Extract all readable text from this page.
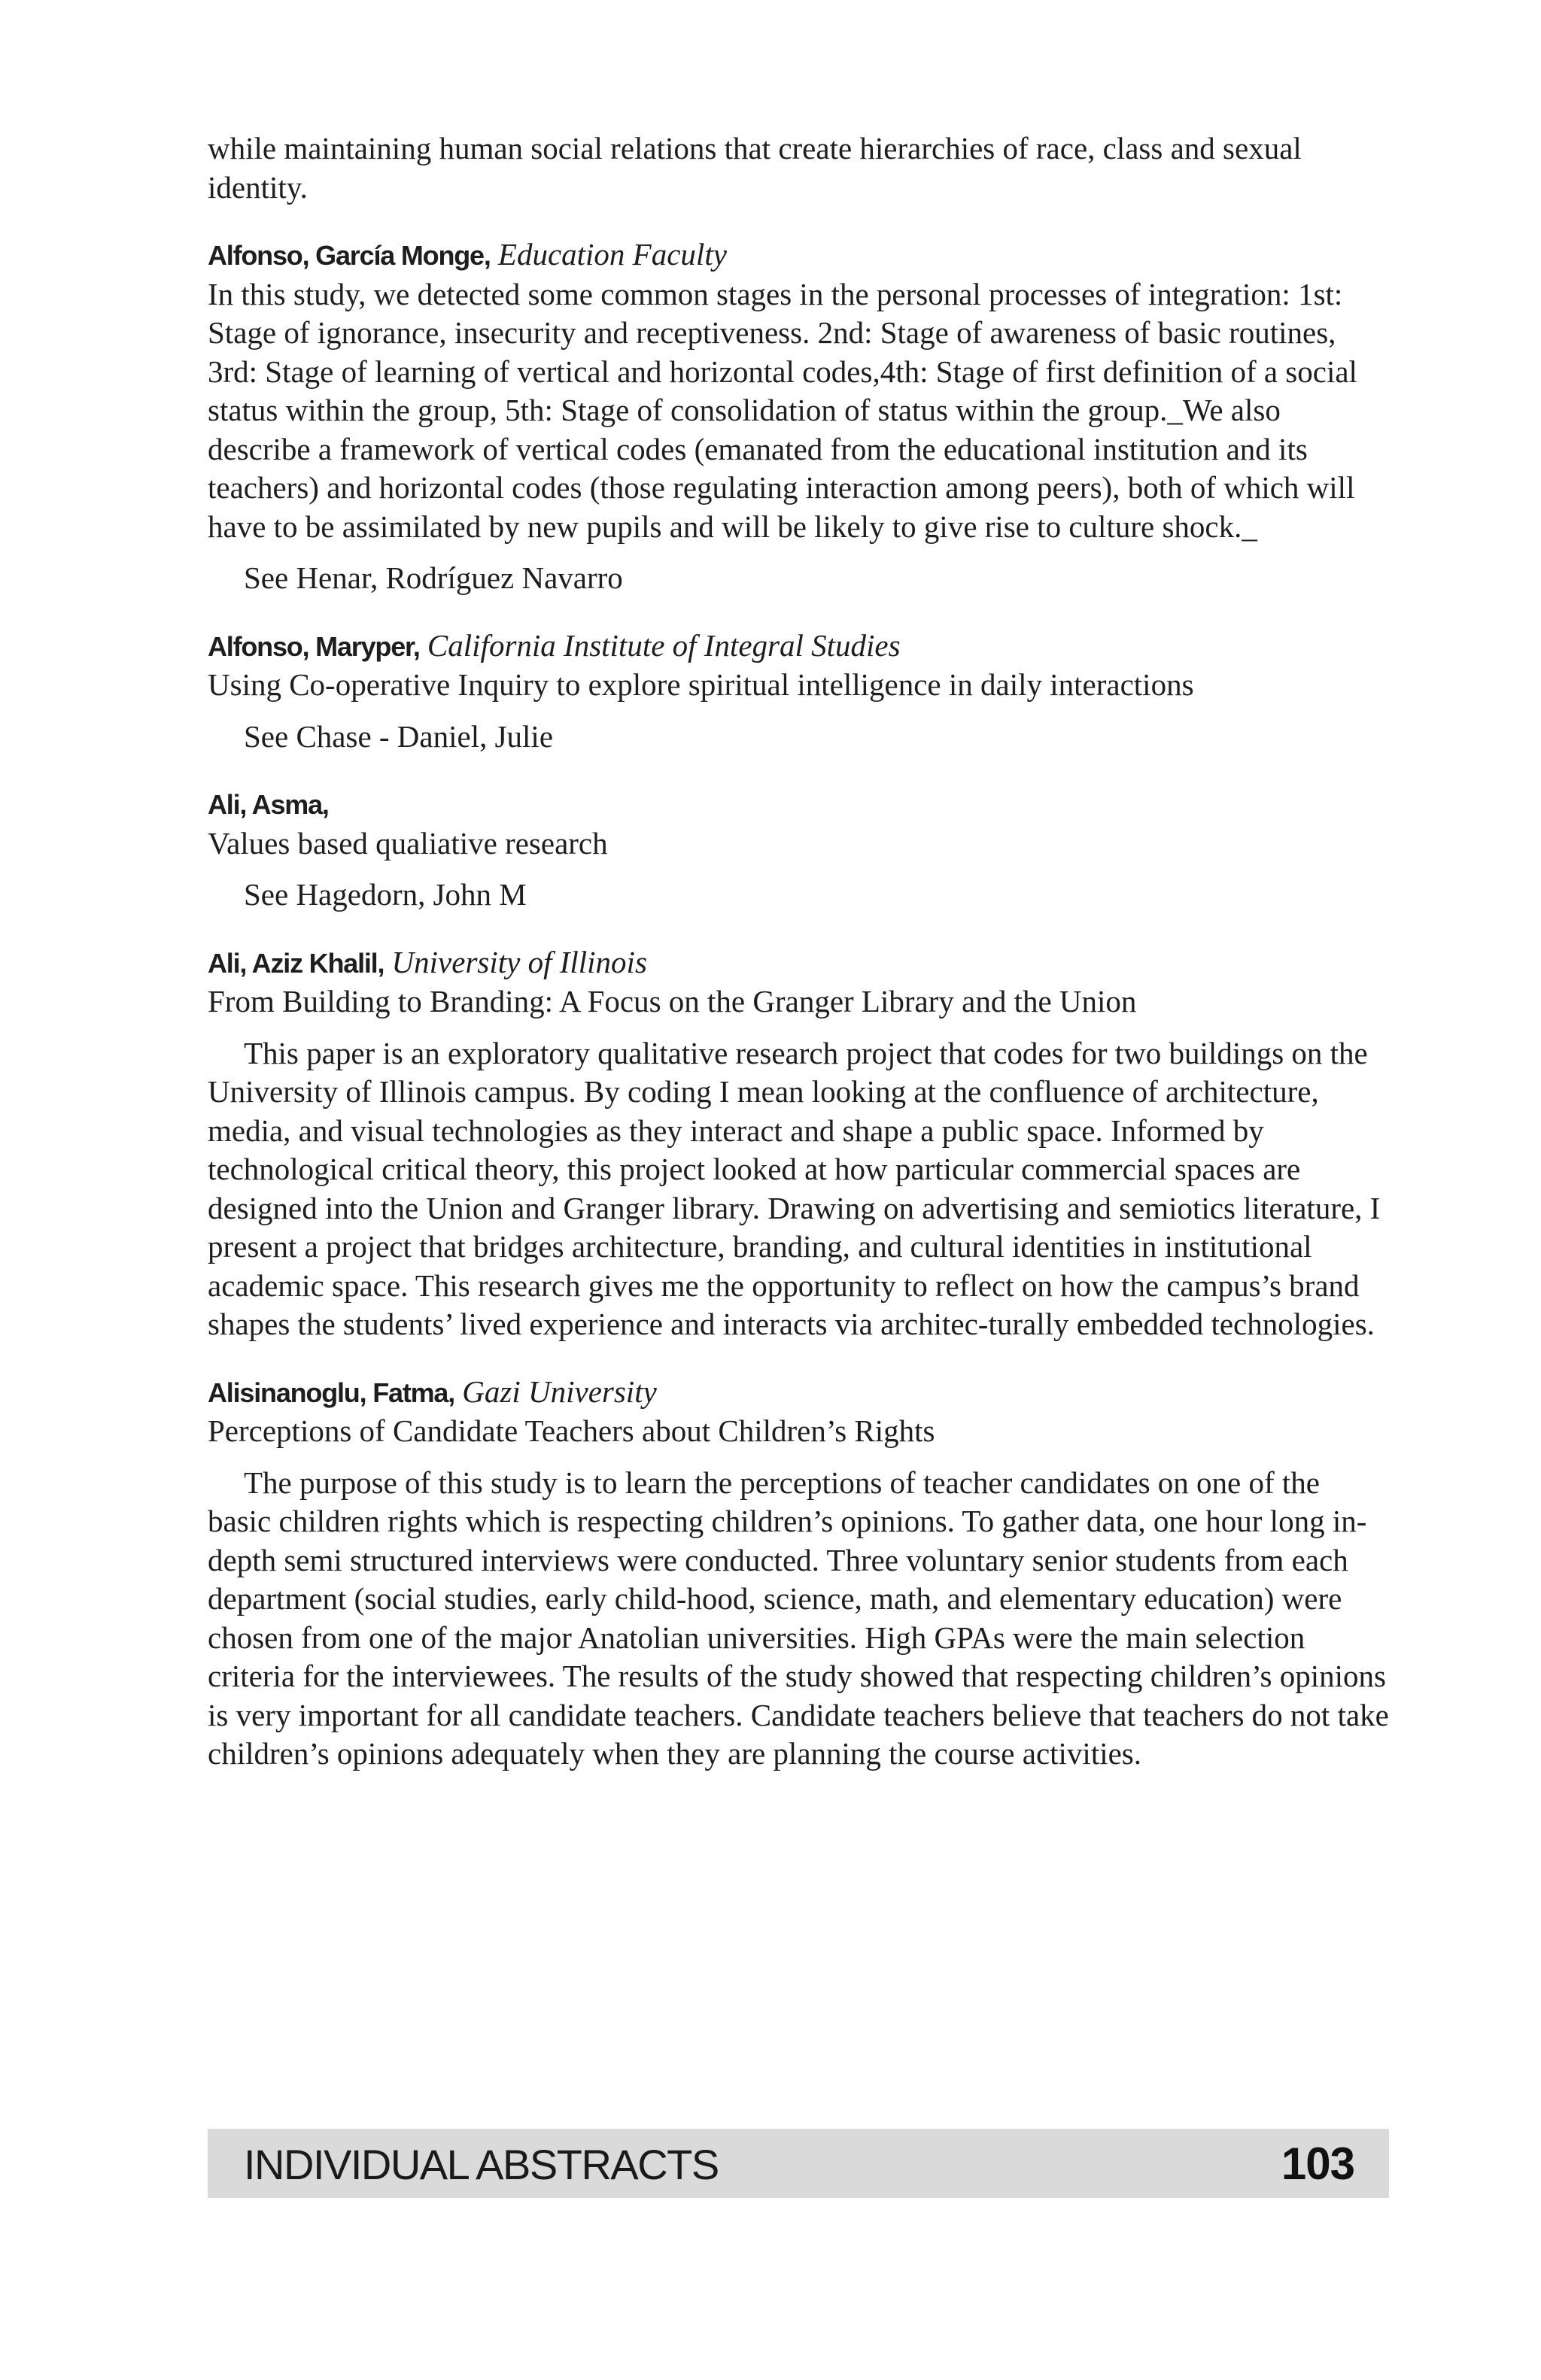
while maintaining human social relations that create hierarchies of race, class and sexual identity.

Alfonso, García Monge, Education Faculty

In this study, we detected some common stages in the personal processes of integration: 1st: Stage of ignorance, insecurity and receptiveness. 2nd: Stage of awareness of basic routines, 3rd: Stage of learning of vertical and horizontal codes,4th: Stage of first definition of a social status within the group, 5th: Stage of consolidation of status within the group._We also describe a framework of vertical codes (emanated from the educational institution and its teachers) and horizontal codes (those regulating interaction among peers), both of which will have to be assimilated by new pupils and will be likely to give rise to culture shock._

See Henar, Rodríguez Navarro

Alfonso, Maryper, California Institute of Integral Studies

Using Co-operative Inquiry to explore spiritual intelligence in daily interactions

See Chase - Daniel, Julie

Ali, Asma,

Values based qualiative research

See Hagedorn, John M

Ali, Aziz Khalil, University of Illinois

From Building to Branding: A Focus on the Granger Library and the Union

This paper is an exploratory qualitative research project that codes for two buildings on the University of Illinois campus. By coding I mean looking at the confluence of architecture, media, and visual technologies as they interact and shape a public space. Informed by technological critical theory, this project looked at how particular commercial spaces are designed into the Union and Granger library. Drawing on advertising and semiotics literature, I present a project that bridges architecture, branding, and cultural identities in institutional academic space. This research gives me the opportunity to reflect on how the campus’s brand shapes the students’ lived experience and interacts via architec-turally embedded technologies.

Alisinanoglu, Fatma, Gazi University

Perceptions of Candidate Teachers about Children’s Rights

The purpose of this study is to learn the perceptions of teacher candidates on one of the basic children rights which is respecting children’s opinions. To gather data, one hour long in-depth semi structured interviews were conducted. Three voluntary senior students from each department (social studies, early child-hood, science, math, and elementary education) were chosen from one of the major Anatolian universities. High GPAs were the main selection criteria for the interviewees. The results of the study showed that respecting children’s opinions is very important for all candidate teachers. Candidate teachers believe that teachers do not take children’s opinions adequately when they are planning the course activities.

INDIVIDUAL ABSTRACTS	103
